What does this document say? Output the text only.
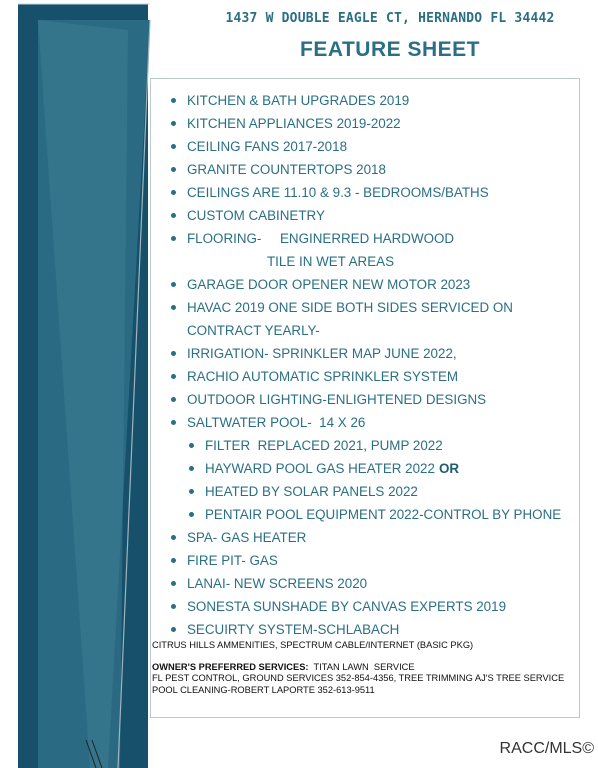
1437 W DOUBLE EAGLE CT, HERNANDO FL 34442
FEATURE SHEET
KITCHEN & BATH UPGRADES 2019
KITCHEN APPLIANCES 2019-2022
CEILING FANS 2017-2018
GRANITE COUNTERTOPS 2018
CEILINGS ARE 11.10 & 9.3 - BEDROOMS/BATHS
CUSTOM CABINETRY
FLOORING-     ENGINERRED HARDWOOD
TILE IN WET AREAS
GARAGE DOOR OPENER NEW MOTOR 2023
HAVAC 2019 ONE SIDE BOTH SIDES SERVICED ON
CONTRACT YEARLY-
IRRIGATION- SPRINKLER MAP JUNE 2022,
RACHIO AUTOMATIC SPRINKLER SYSTEM
OUTDOOR LIGHTING-ENLIGHTENED DESIGNS
SALTWATER POOL-  14 X 26
FILTER  REPLACED 2021, PUMP 2022
HAYWARD POOL GAS HEATER 2022 OR
HEATED BY SOLAR PANELS 2022
PENTAIR POOL EQUIPMENT 2022-CONTROL BY PHONE
SPA- GAS HEATER
FIRE PIT- GAS
LANAI- NEW SCREENS 2020
SONESTA SUNSHADE BY CANVAS EXPERTS 2019
SECUIRTY SYSTEM-SCHLABACH
CITRUS HILLS AMMENITIES, SPECTRUM CABLE/INTERNET (BASIC PKG)
OWNER'S PREFERRED SERVICES:  TITAN LAWN  SERVICE
FL PEST CONTROL, GROUND SERVICES 352-854-4356, TREE TRIMMING AJ'S TREE SERVICE
POOL CLEANING-ROBERT LAPORTE 352-613-9511
RACC/MLS©
